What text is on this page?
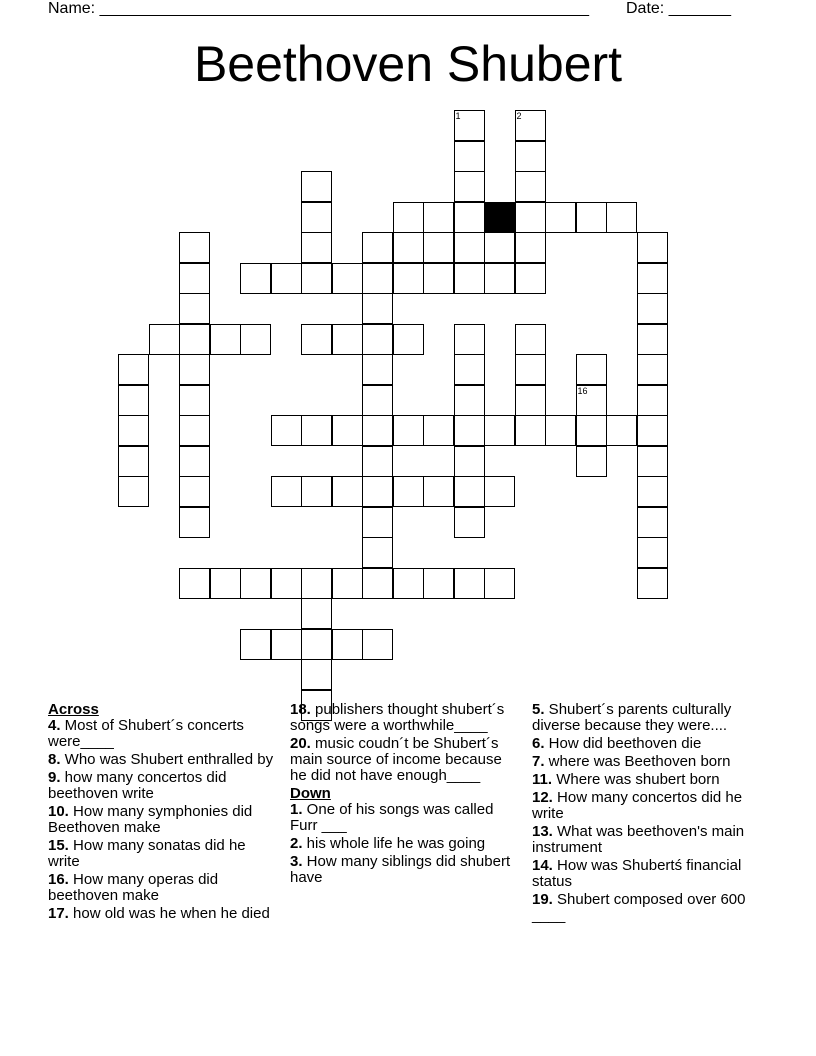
Name: _______________________________________________________ Date: _______
Beethoven Shubert
1	2
16
Across
4. Most of Shubert´s concerts were____
8. Who was Shubert enthralled by
9. how many concertos did beethoven write
10. How many symphonies did Beethoven make
15. How many sonatas did he write
16. How many operas did beethoven make
17. how old was he when he died
18. publishers thought shubert´s songs were a worthwhile____
20. music coudn´t be Shubert´s main source of income because he did not have enough____
Down
1. One of his songs was called Furr ___
2. his whole life he was going
3. How many siblings did shubert have
5. Shubert´s parents culturally diverse because they were....
6. How did beethoven die
7. where was Beethoven born
11. Where was shubert born
12. How many concertos did he write
13. What was beethoven's main instrument
14. How was Shubertś financial status
19. Shubert composed over 600 ____
